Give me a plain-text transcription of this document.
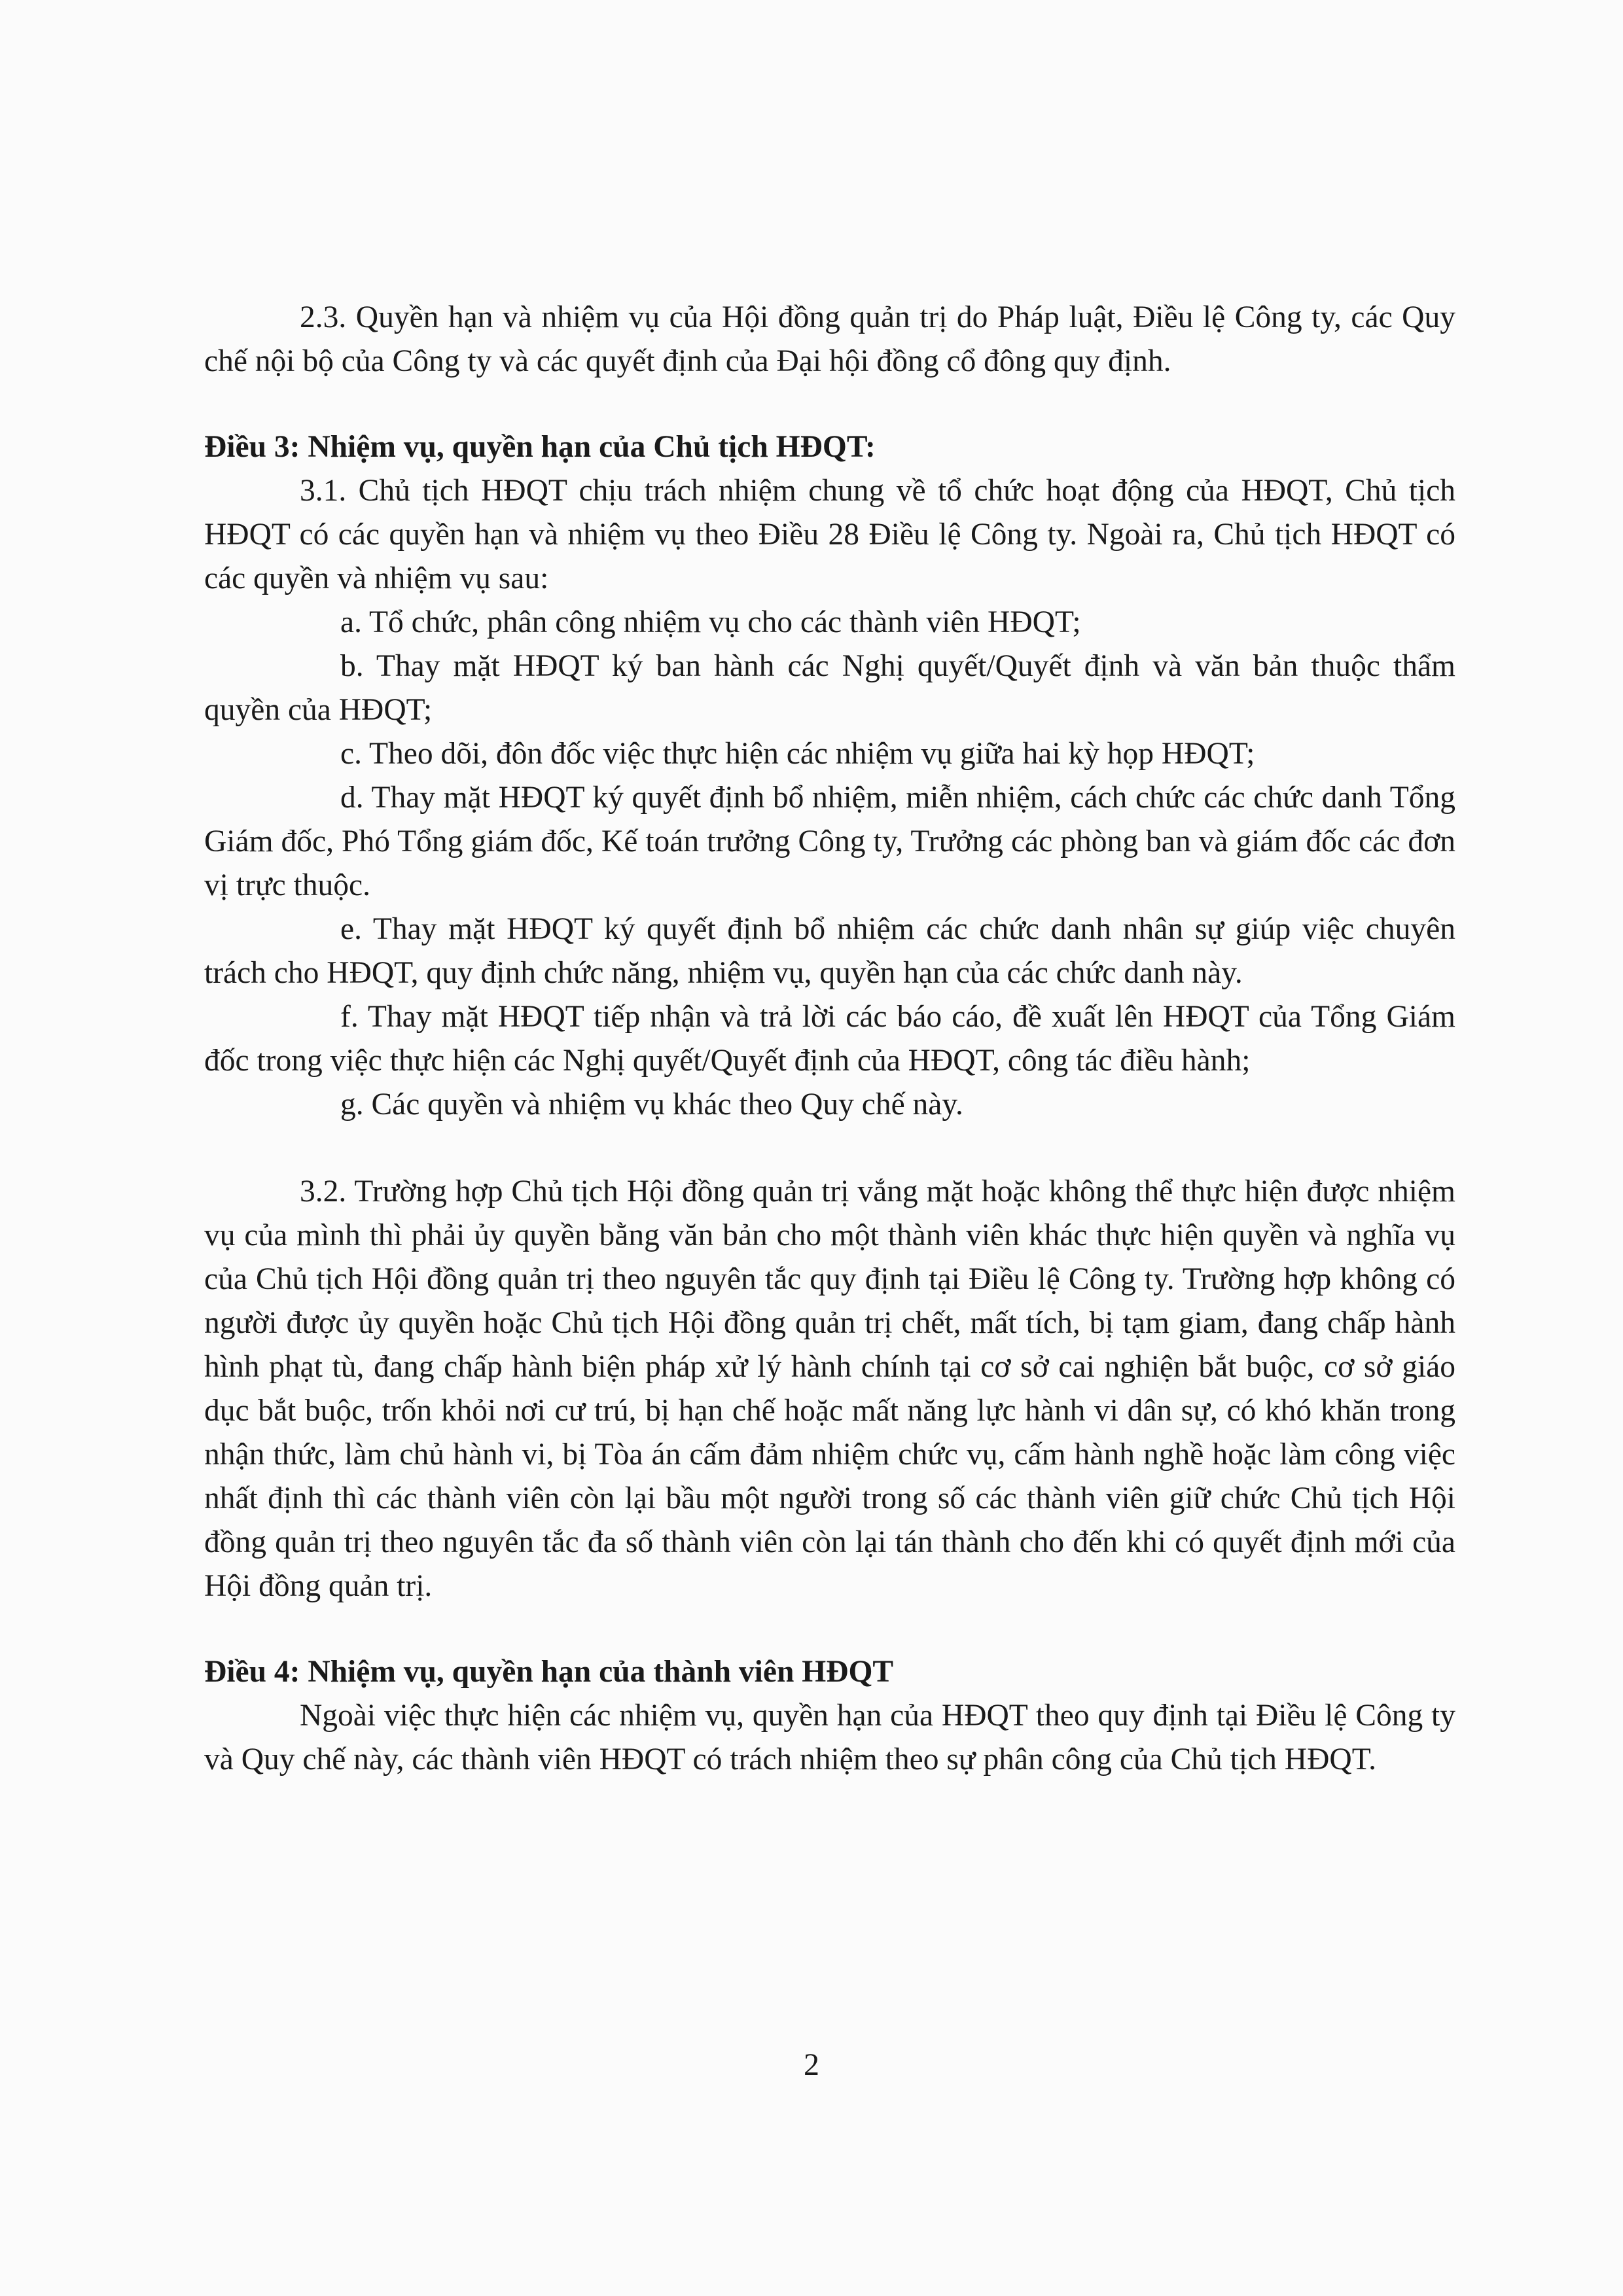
2.3. Quyền hạn và nhiệm vụ của Hội đồng quản trị do Pháp luật, Điều lệ Công ty, các Quy chế nội bộ của Công ty và các quyết định của Đại hội đồng cổ đông quy định.

Điều 3: Nhiệm vụ, quyền hạn của Chủ tịch HĐQT:

3.1. Chủ tịch HĐQT chịu trách nhiệm chung về tổ chức hoạt động của HĐQT, Chủ tịch HĐQT có các quyền hạn và nhiệm vụ theo Điều 28 Điều lệ Công ty. Ngoài ra, Chủ tịch HĐQT có các quyền và nhiệm vụ sau:

a. Tổ chức, phân công nhiệm vụ cho các thành viên HĐQT;

b. Thay mặt HĐQT ký ban hành các Nghị quyết/Quyết định và văn bản thuộc thẩm quyền của HĐQT;

c. Theo dõi, đôn đốc việc thực hiện các nhiệm vụ giữa hai kỳ họp HĐQT;

d. Thay mặt HĐQT ký quyết định bổ nhiệm, miễn nhiệm, cách chức các chức danh Tổng Giám đốc, Phó Tổng giám đốc, Kế toán trưởng Công ty, Trưởng các phòng ban và giám đốc các đơn vị trực thuộc.

e. Thay mặt HĐQT ký quyết định bổ nhiệm các chức danh nhân sự giúp việc chuyên trách cho HĐQT, quy định chức năng, nhiệm vụ, quyền hạn của các chức danh này.

f. Thay mặt HĐQT tiếp nhận và trả lời các báo cáo, đề xuất lên HĐQT của Tổng Giám đốc trong việc thực hiện các Nghị quyết/Quyết định của HĐQT, công tác điều hành;

g. Các quyền và nhiệm vụ khác theo Quy chế này.

3.2. Trường hợp Chủ tịch Hội đồng quản trị vắng mặt hoặc không thể thực hiện được nhiệm vụ của mình thì phải ủy quyền bằng văn bản cho một thành viên khác thực hiện quyền và nghĩa vụ của Chủ tịch Hội đồng quản trị theo nguyên tắc quy định tại Điều lệ Công ty. Trường hợp không có người được ủy quyền hoặc Chủ tịch Hội đồng quản trị chết, mất tích, bị tạm giam, đang chấp hành hình phạt tù, đang chấp hành biện pháp xử lý hành chính tại cơ sở cai nghiện bắt buộc, cơ sở giáo dục bắt buộc, trốn khỏi nơi cư trú, bị hạn chế hoặc mất năng lực hành vi dân sự, có khó khăn trong nhận thức, làm chủ hành vi, bị Tòa án cấm đảm nhiệm chức vụ, cấm hành nghề hoặc làm công việc nhất định thì các thành viên còn lại bầu một người trong số các thành viên giữ chức Chủ tịch Hội đồng quản trị theo nguyên tắc đa số thành viên còn lại tán thành cho đến khi có quyết định mới của Hội đồng quản trị.

Điều 4: Nhiệm vụ, quyền hạn của thành viên HĐQT

Ngoài việc thực hiện các nhiệm vụ, quyền hạn của HĐQT theo quy định tại Điều lệ Công ty và Quy chế này, các thành viên HĐQT có trách nhiệm theo sự phân công của Chủ tịch HĐQT.

2
